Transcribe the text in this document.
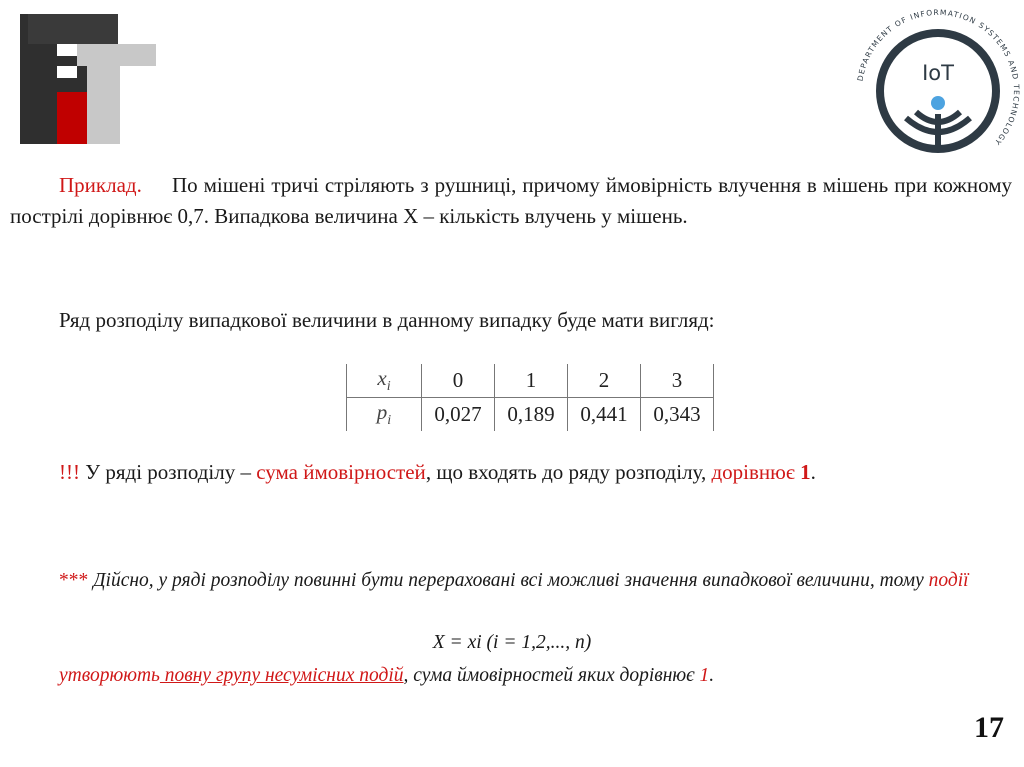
DEPARTMENT OF INFORMATION SYSTEMS AND TECHNOLOGY
IoT
Приклад. По мішені тричі стріляють з рушниці, причому ймовірність влучення в мішень при кожному пострілі дорівнює 0,7. Випадкова величина X – кількість влучень у мішень.
Ряд розподілу випадкової величини в данному випадку буде мати вигляд:
$x_i$	0	1	2	3
$p_i$	0,027	0,189	0,441	0,343
!!! У ряді розподілу – сума ймовірностей, що входять до ряду розподілу, дорівнює 1.
*** Дійсно, у ряді розподілу повинні бути перераховані всі можливі значення випадкової величини, тому події
X = xi (i = 1,2,..., n)
утворюють повну групу несумісних подій, сума ймовірностей яких дорівнює 1.
17
